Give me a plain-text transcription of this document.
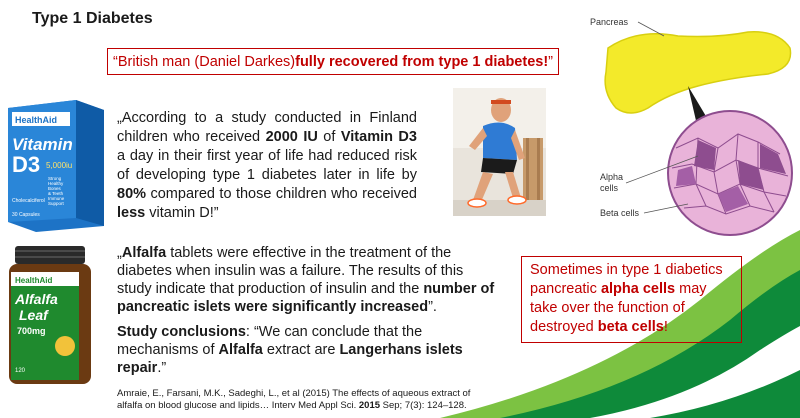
Type 1 Diabetes
“ British man (Daniel Darkes) fully recovered from type 1 diabetes! ”
HealthAid
Vitamin
D3 5,000iu
Strong
Healthy
Bones
& Teeth
Immune
Support
Cholecalciferol
30 Capsules
„According to a study conducted in Finland children who received 2000 IU of Vitamin D3 a day in their first year of life had reduced risk of developing type 1 diabetes later in life by 80% compared to those children who received less vitamin D!”
Pancreas
Alpha
cells
Beta cells
HealthAid
Alfalfa
Leaf
700mg
120

„Alfalfa tablets were effective in the treatment of the diabetes when insulin was a failure. The results of this study indicate that production of insulin and the number of pancreatic islets were significantly increased”.

Study conclusions: “We can conclude that the mechanisms of Alfalfa extract are Langerhans islets repair.”

Amraie, E., Farsani, M.K., Sadeghi, L., et al (2015) The effects of aqueous extract of alfalfa on blood glucose and lipids… Interv Med Appl Sci. 2015 Sep; 7(3): 124–128.
Sometimes in type 1 diabetics pancreatic alpha cells may take over the function of destroyed beta cells!
